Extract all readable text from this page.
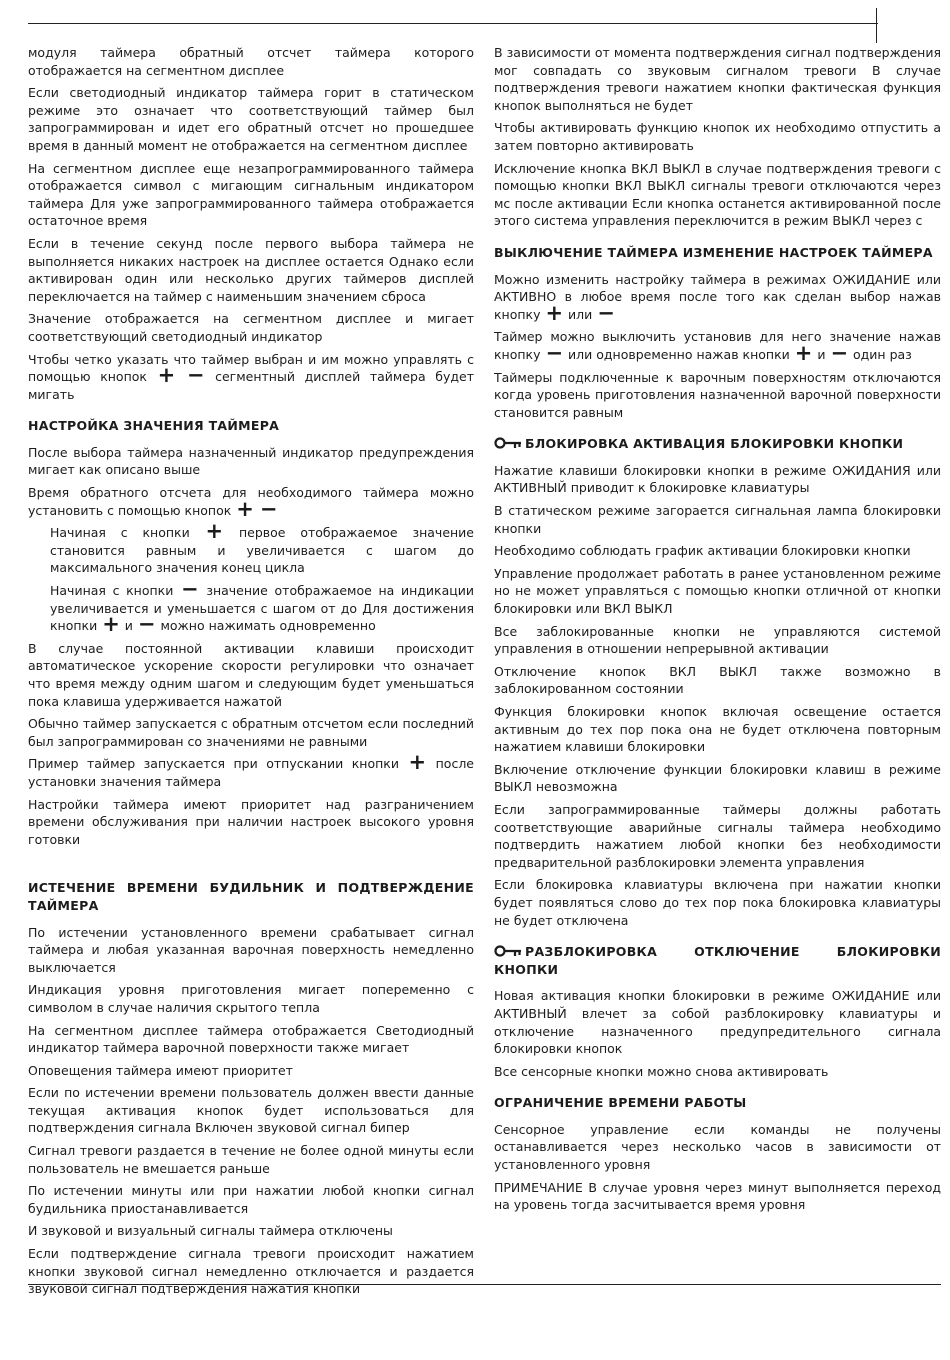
модуля таймера обратный отсчет таймера которого отображается на сегментном дисплее

Если светодиодный индикатор таймера горит в статическом режиме это означает что соответствующий таймер был запрограммирован и идет его обратный отсчет но прошедшее время в данный момент не отображается на сегментном дисплее

На сегментном дисплее еще незапрограммированного таймера отображается символ с мигающим сигнальным индикатором таймера Для уже запрограммированного таймера отображается остаточное время

Если в течение секунд после первого выбора таймера не выполняется никаких настроек на дисплее остается Однако если активирован один или несколько других таймеров дисплей переключается на таймер с наименьшим значением сброса

Значение отображается на сегментном дисплее и мигает соответствующий светодиодный индикатор

Чтобы четко указать что таймер выбран и им можно управлять с помощью кнопок + − сегментный дисплей таймера будет мигать

НАСТРОЙКА ЗНАЧЕНИЯ ТАЙМЕРА

После выбора таймера назначенный индикатор предупреждения мигает как описано выше

Время обратного отсчета для необходимого таймера можно установить с помощью кнопок + −

Начиная с кнопки + первое отображаемое значение становится равным и увеличивается с шагом до максимального значения конец цикла

Начиная с кнопки − значение отображаемое на индикации увеличивается и уменьшается с шагом от до Для достижения кнопки + и − можно нажимать одновременно

В случае постоянной активации клавиши происходит автоматическое ускорение скорости регулировки что означает что время между одним шагом и следующим будет уменьшаться пока клавиша удерживается нажатой

Обычно таймер запускается с обратным отсчетом если последний был запрограммирован со значениями не равными

Пример таймер запускается при отпускании кнопки + после установки значения таймера

Настройки таймера имеют приоритет над разграничением времени обслуживания при наличии настроек высокого уровня готовки

ИСТЕЧЕНИЕ ВРЕМЕНИ БУДИЛЬНИК И ПОДТВЕРЖДЕНИЕ ТАЙМЕРА

По истечении установленного времени срабатывает сигнал таймера и любая указанная варочная поверхность немедленно выключается

Индикация уровня приготовления мигает попеременно с символом в случае наличия скрытого тепла

На сегментном дисплее таймера отображается Светодиодный индикатор таймера варочной поверхности также мигает

Оповещения таймера имеют приоритет

Если по истечении времени пользователь должен ввести данные текущая активация кнопок будет использоваться для подтверждения сигнала Включен звуковой сигнал бипер

Сигнал тревоги раздается в течение не более одной минуты если пользователь не вмешается раньше

По истечении минуты или при нажатии любой кнопки сигнал будильника приостанавливается

И звуковой и визуальный сигналы таймера отключены

Если подтверждение сигнала тревоги происходит нажатием кнопки звуковой сигнал немедленно отключается и раздается звуковой сигнал подтверждения нажатия кнопки

В зависимости от момента подтверждения сигнал подтверждения мог совпадать со звуковым сигналом тревоги В случае подтверждения тревоги нажатием кнопки фактическая функция кнопок выполняться не будет

Чтобы активировать функцию кнопок их необходимо отпустить а затем повторно активировать

Исключение кнопка ВКЛ ВЫКЛ в случае подтверждения тревоги с помощью кнопки ВКЛ ВЫКЛ сигналы тревоги отключаются через мс после активации Если кнопка останется активированной после этого система управления переключится в режим ВЫКЛ через с

ВЫКЛЮЧЕНИЕ ТАЙМЕРА ИЗМЕНЕНИЕ НАСТРОЕК ТАЙМЕРА

Можно изменить настройку таймера в режимах ОЖИДАНИЕ или АКТИВНО в любое время после того как сделан выбор нажав кнопку + или −

Таймер можно выключить установив для него значение нажав кнопку − или одновременно нажав кнопки + и − один раз

Таймеры подключенные к варочным поверхностям отключаются когда уровень приготовления назначенной варочной поверхности становится равным

БЛОКИРОВКА АКТИВАЦИЯ БЛОКИРОВКИ КНОПКИ

Нажатие клавиши блокировки кнопки в режиме ОЖИДАНИЯ или АКТИВНЫЙ приводит к блокировке клавиатуры

В статическом режиме загорается сигнальная лампа блокировки кнопки

Необходимо соблюдать график активации блокировки кнопки

Управление продолжает работать в ранее установленном режиме но не может управляться с помощью кнопки отличной от кнопки блокировки или ВКЛ ВЫКЛ

Все заблокированные кнопки не управляются системой управления в отношении непрерывной активации

Отключение кнопок ВКЛ ВЫКЛ также возможно в заблокированном состоянии

Функция блокировки кнопок включая освещение остается активным до тех пор пока она не будет отключена повторным нажатием клавиши блокировки

Включение отключение функции блокировки клавиш в режиме ВЫКЛ невозможна

Если запрограммированные таймеры должны работать соответствующие аварийные сигналы таймера необходимо подтвердить нажатием любой кнопки без необходимости предварительной разблокировки элемента управления

Если блокировка клавиатуры включена при нажатии кнопки будет появляться слово до тех пор пока блокировка клавиатуры не будет отключена

РАЗБЛОКИРОВКА ОТКЛЮЧЕНИЕ БЛОКИРОВКИ КНОПКИ

Новая активация кнопки блокировки в режиме ОЖИДАНИЕ или АКТИВНЫЙ влечет за собой разблокировку клавиатуры и отключение назначенного предупредительного сигнала блокировки кнопок

Все сенсорные кнопки можно снова активировать

ОГРАНИЧЕНИЕ ВРЕМЕНИ РАБОТЫ

Сенсорное управление если команды не получены останавливается через несколько часов в зависимости от установленного уровня

ПРИМЕЧАНИЕ В случае уровня через минут выполняется переход на уровень тогда засчитывается время уровня
